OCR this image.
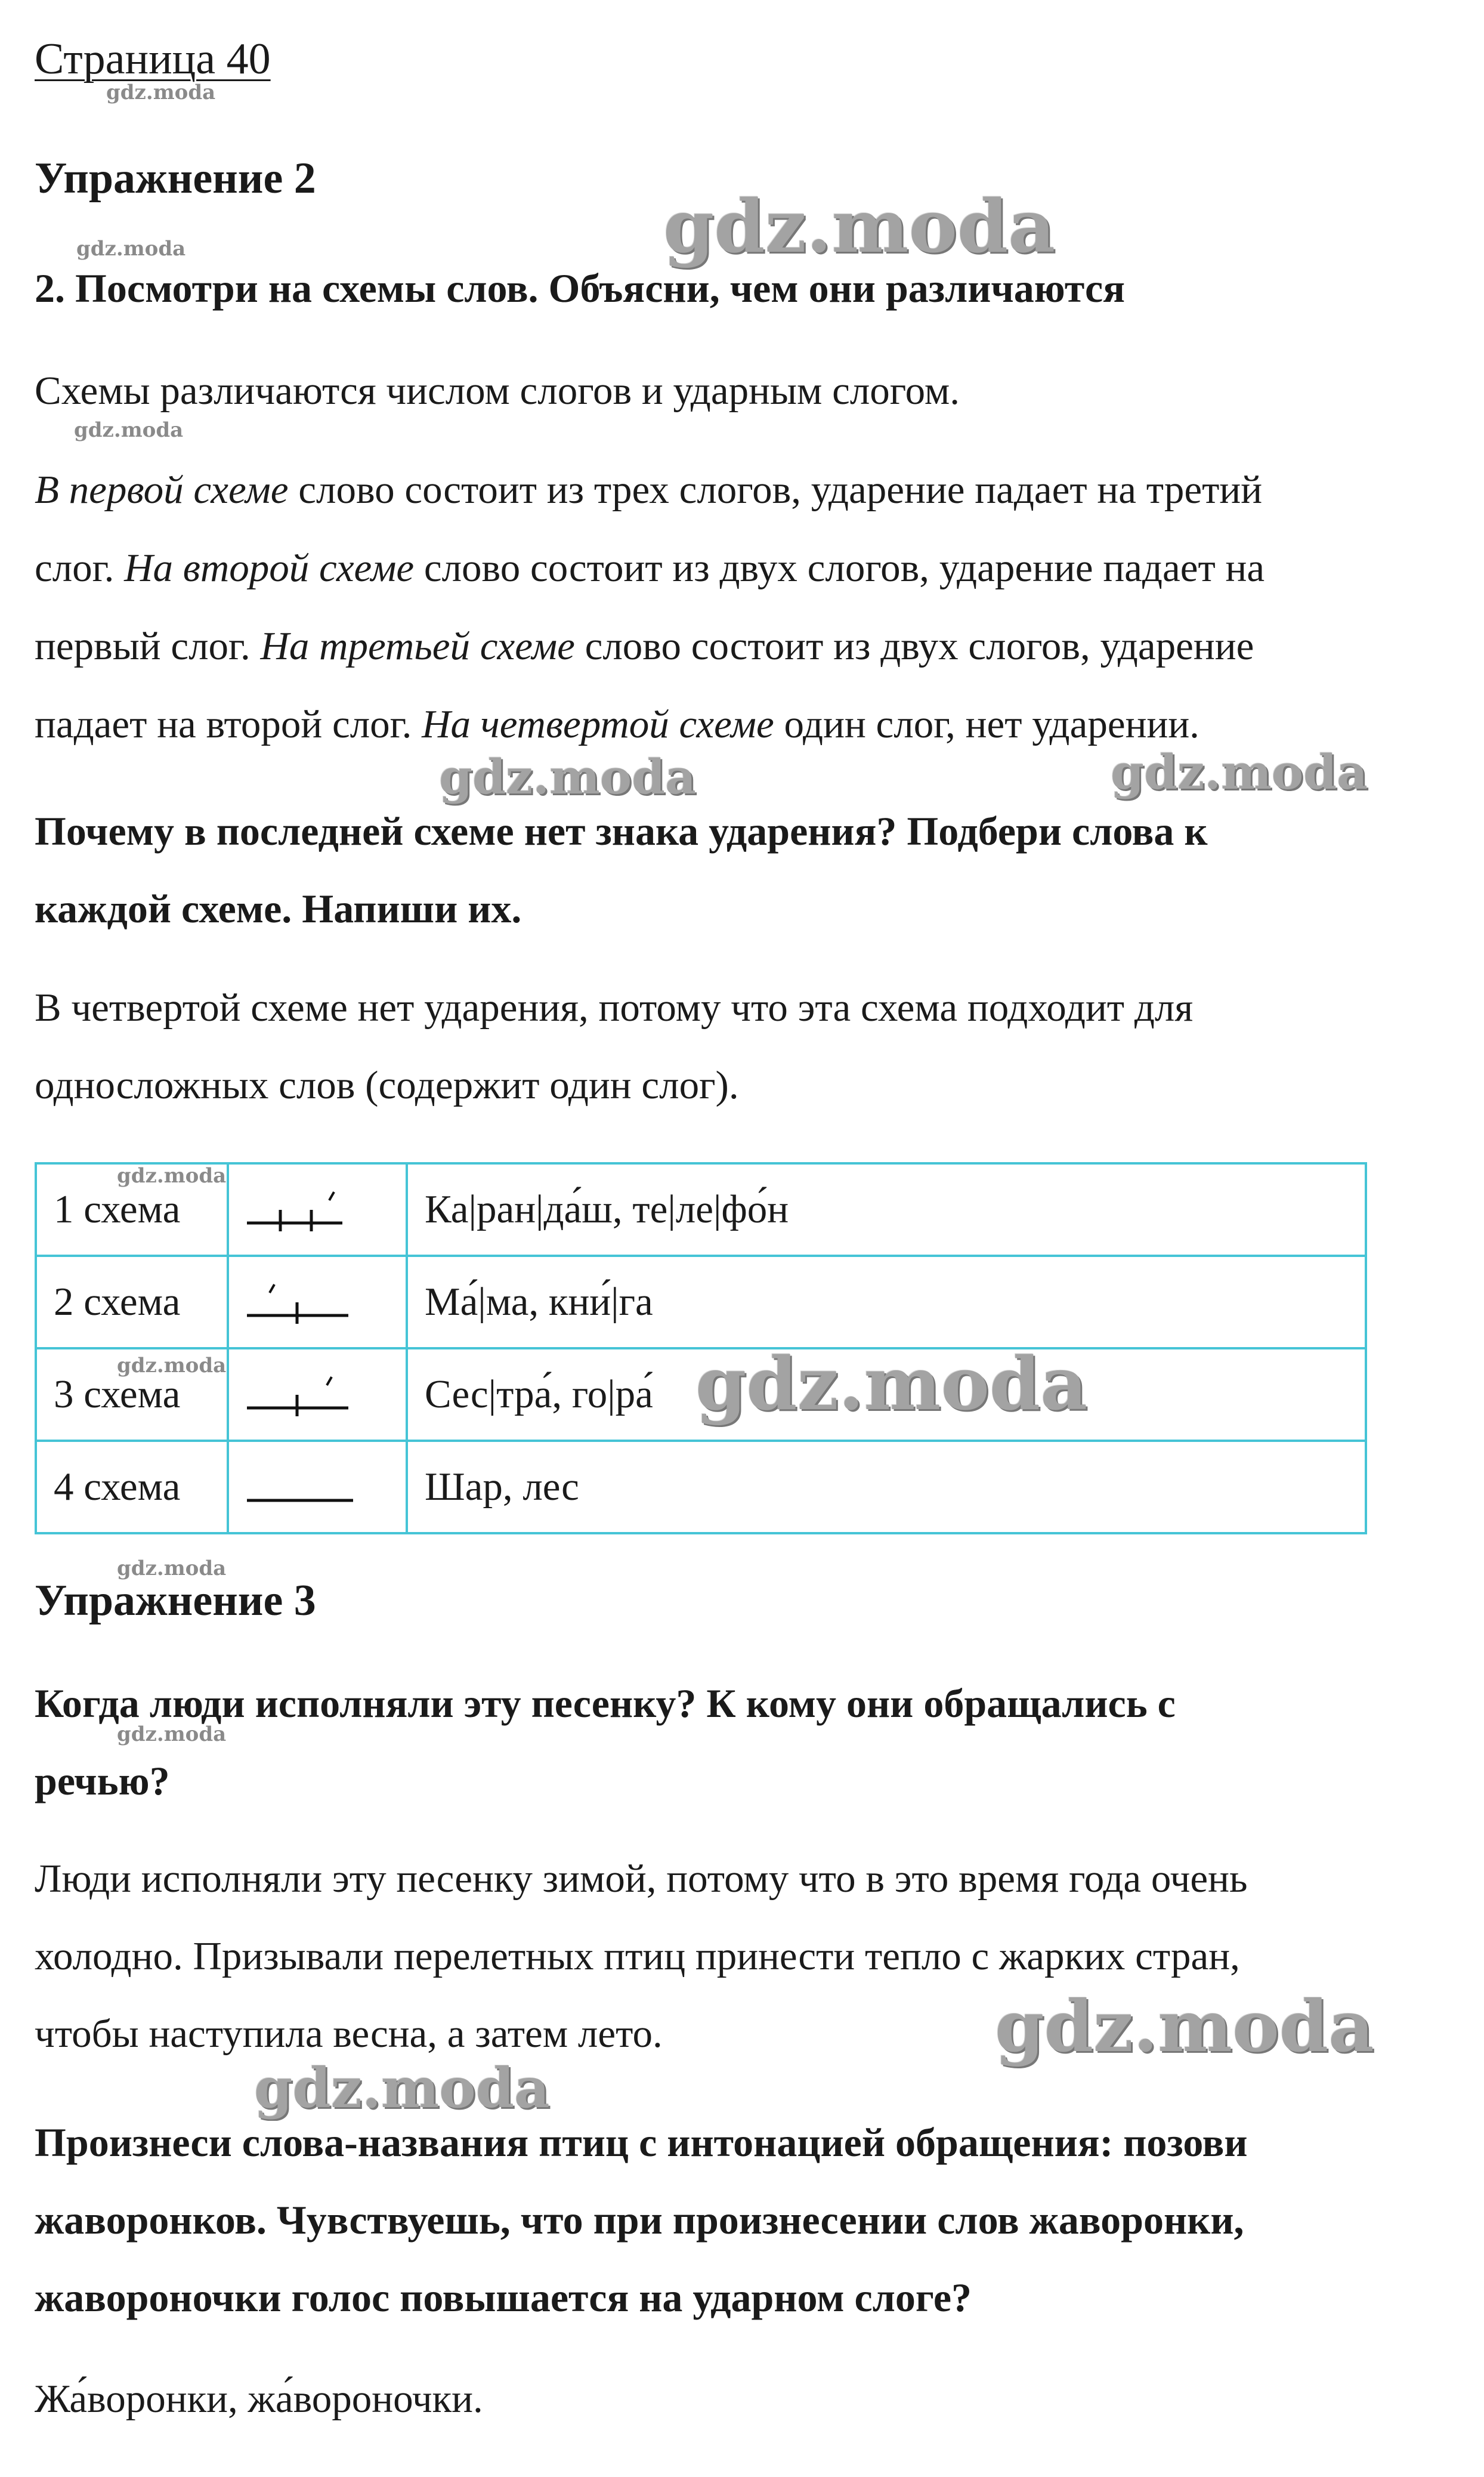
Страница 40
Упражнение 2

2. Посмотри на схемы слов. Объясни, чем они различаются

Схемы различаются числом слогов и ударным слогом.

В первой схеме слово состоит из трех слогов, ударение падает на третий

слог. На второй схеме слово состоит из двух слогов, ударение падает на

первый слог. На третьей схеме слово состоит из двух слогов, ударение

падает на второй слог. На четвертой схеме один слог, нет ударении.

Почему в последней схеме нет знака ударения? Подбери слова к

каждой схеме. Напиши их.

В четвертой схеме нет ударения, потому что эта схема подходит для

односложных слов (содержит один слог).

1 схема		Ка|ран|да́ш, те|ле|фо́н
2 схема		Ма́|ма, кни́|га
3 схема		Сес|тра́, го|ра́
4 схема		Шар, лес
Упражнение 3

Когда люди исполняли эту песенку? К кому они обращались с

речью?

Люди исполняли эту песенку зимой, потому что в это время года очень

холодно. Призывали перелетных птиц принести тепло с жарких стран,

чтобы наступила весна, а затем лето.

Произнеси слова-названия птиц с интонацией обращения: позови

жаворонков. Чувствуешь, что при произнесении слов жаворонки,

жавороночки голос повышается на ударном слоге?

Жа́воронки, жа́вороночки.

gdz.moda
gdz.moda
gdz.moda
gdz.moda
gdz.moda
gdz.moda
gdz.moda
gdz.moda
gdz.moda	gdz.moda
gdz.moda
gdz.moda
gdz.moda
